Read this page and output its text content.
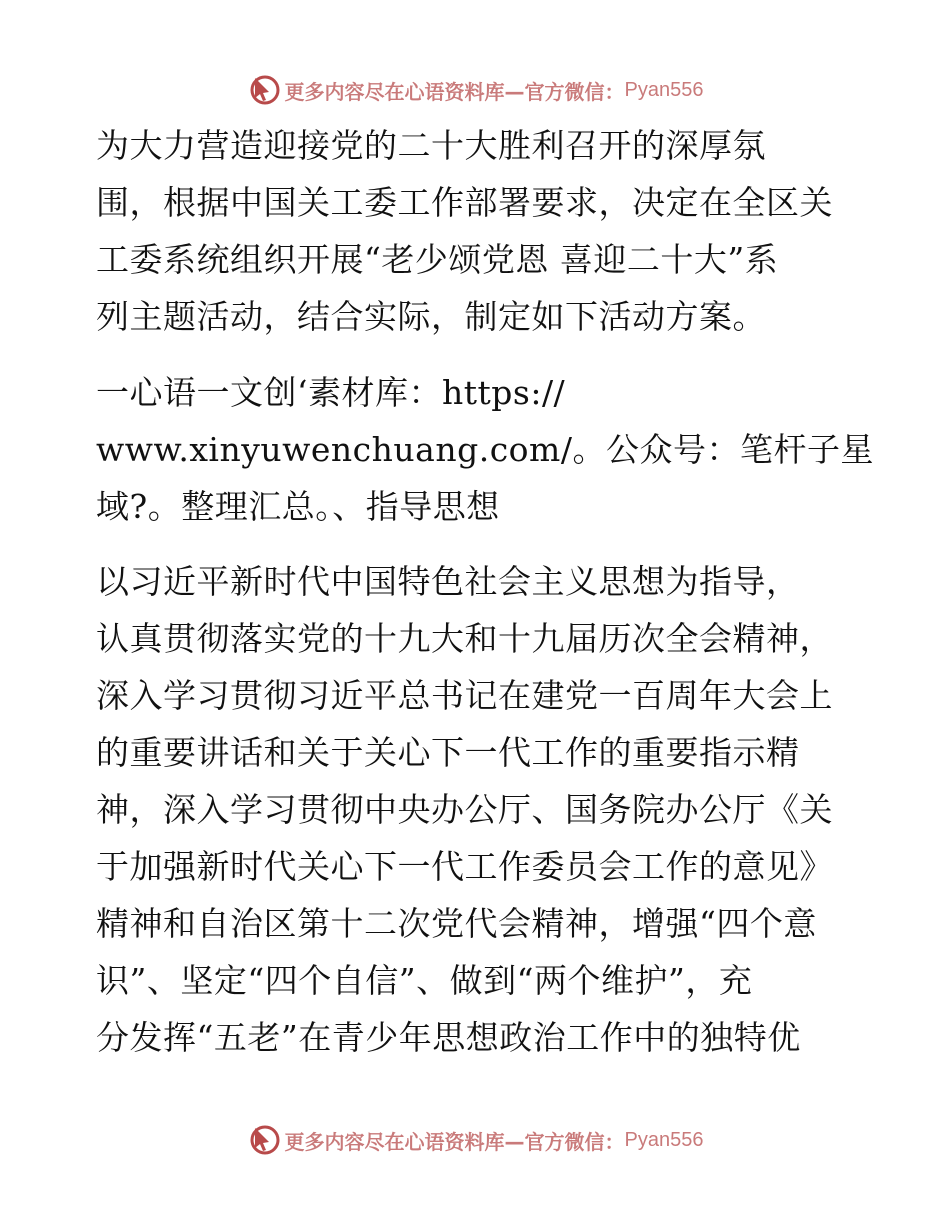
更多内容尽在心语资料库—官方微信： Pyan556
为大力营造迎接党的二十大胜利召开的深厚氛
围，根据中国关工委工作部署要求，决定在全区关
工委系统组织开展“老少颂党恩 喜迎二十大”系
列主题活动，结合实际，制定如下活动方案。
一心语一文创‘素材库：https://
www.xinyuwenchuang.com/。公众号：笔杆子星
域?。整理汇总。、指导思想
以习近平新时代中国特色社会主义思想为指导，
认真贯彻落实党的十九大和十九届历次全会精神，
深入学习贯彻习近平总书记在建党一百周年大会上
的重要讲话和关于关心下一代工作的重要指示精
神，深入学习贯彻中央办公厅、国务院办公厅《关
于加强新时代关心下一代工作委员会工作的意见》
精神和自治区第十二次党代会精神，增强“四个意
识”、坚定“四个自信”、做到“两个维护”，充
分发挥“五老”在青少年思想政治工作中的独特优
更多内容尽在心语资料库—官方微信： Pyan556
